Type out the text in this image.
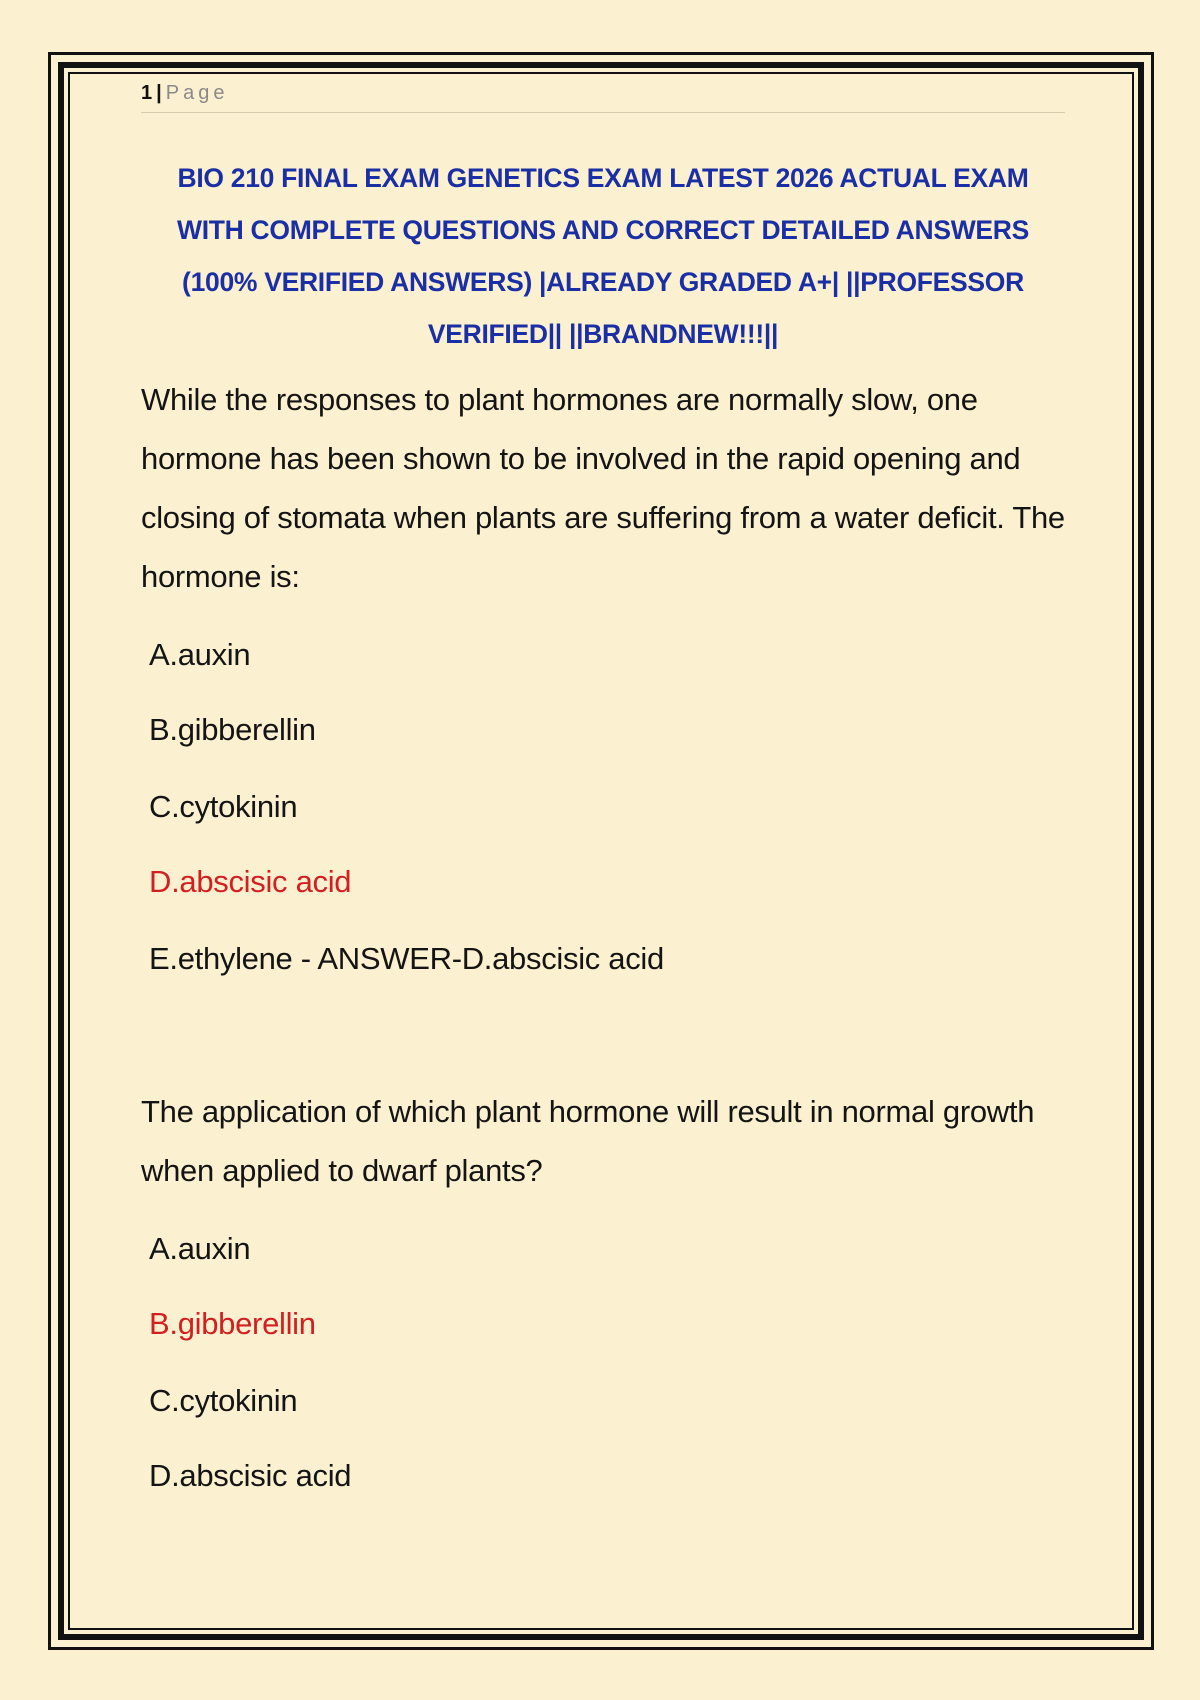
1 | Page
BIO 210 FINAL EXAM GENETICS EXAM LATEST 2026 ACTUAL EXAM WITH COMPLETE QUESTIONS AND CORRECT DETAILED ANSWERS (100% VERIFIED ANSWERS) |ALREADY GRADED A+| ||PROFESSOR VERIFIED|| ||BRANDNEW!!!||
While the responses to plant hormones are normally slow, one hormone has been shown to be involved in the rapid opening and closing of stomata when plants are suffering from a water deficit. The hormone is:
A.auxin
B.gibberellin
C.cytokinin
D.abscisic acid
E.ethylene - ANSWER-D.abscisic acid
The application of which plant hormone will result in normal growth when applied to dwarf plants?
A.auxin
B.gibberellin
C.cytokinin
D.abscisic acid
